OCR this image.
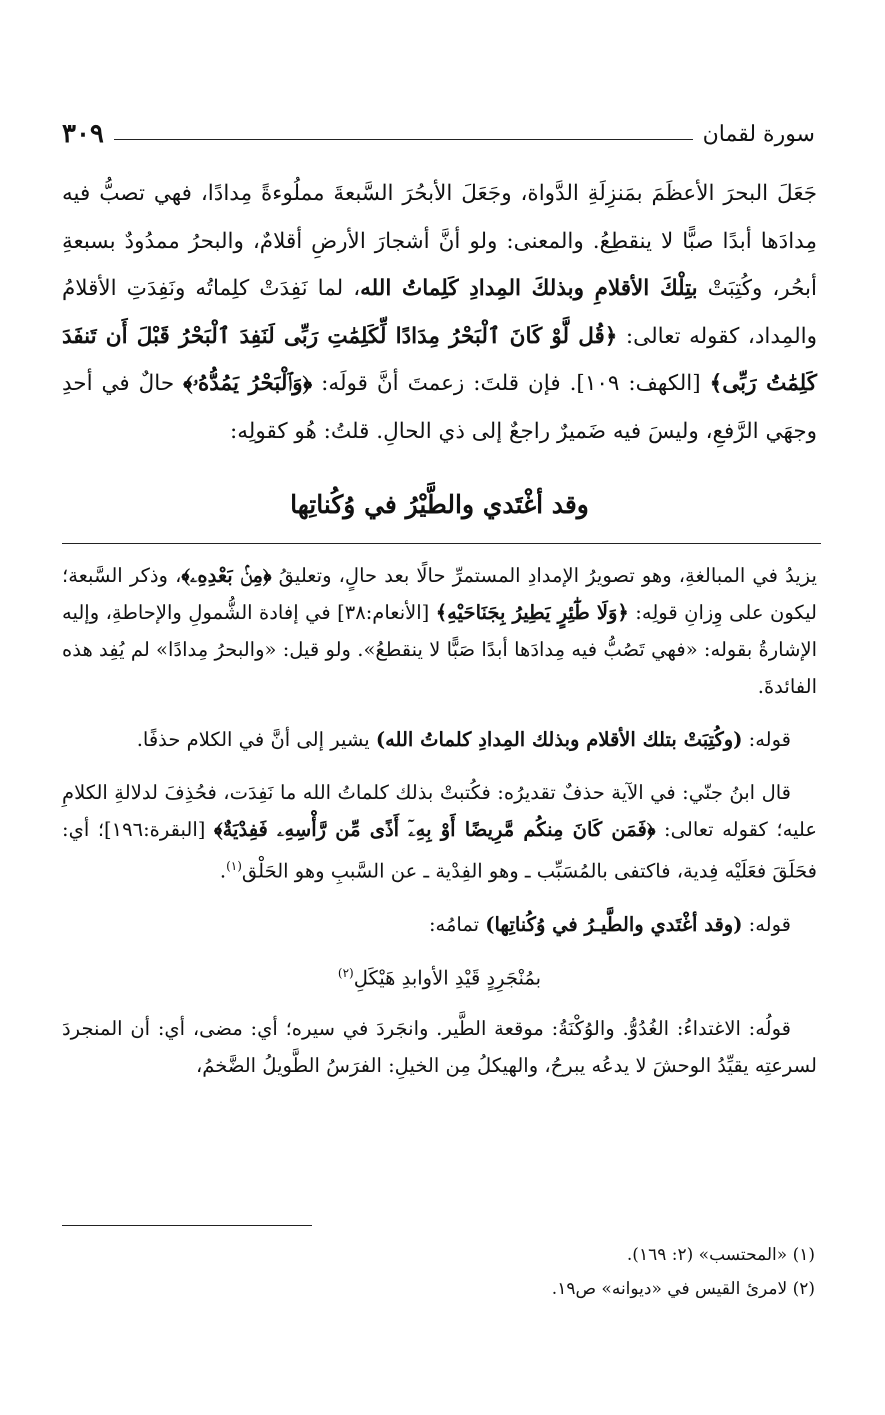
سورة لقمان
٣٠٩

جَعَلَ البحرَ الأعظَمَ بمَنزِلَةِ الدَّواة، وجَعَلَ الأبحُرَ السَّبعةَ مملُوءةً مِدادًا، فهي تصبُّ فيه مِدادَها أبدًا صبًّا لا ينقطِعُ. والمعنى: ولو أنَّ أشجارَ الأرضِ أقلامٌ، والبحرُ ممدُودٌ بسبعةِ أبحُر، وكُتِبَتْ بتِلْكَ الأقلامِ وبذلكَ المِدادِ كَلِماتُ الله، لما نَفِدَتْ كلِماتُه ونَفِدَتِ الأقلامُ والمِداد، كقوله تعالى: ﴿قُل لَّوْ كَانَ ٱلْبَحْرُ مِدَادًا لِّكَلِمَٰتِ رَبِّى لَنَفِدَ ٱلْبَحْرُ قَبْلَ أَن تَنفَدَ كَلِمَٰتُ رَبِّى﴾ [الكهف: ١٠٩]. فإن قلتَ: زعمتَ أنَّ قولَه: ﴿وَٱلْبَحْرُ يَمُدُّهُۥ﴾ حالٌ في أحدِ وجهَي الرَّفعِ، وليسَ فيه ضَميرٌ راجعٌ إلى ذي الحالِ. قلتُ: هُو كقولِه:

وقد أغْتَدي والطَّيْرُ في وُكُناتِها

يزيدُ في المبالغةِ، وهو تصويرُ الإمدادِ المستمرِّ حالًا بعد حالٍ، وتعليقُ ﴿مِنۢ بَعْدِهِۦ﴾، وذكر السَّبعة؛ ليكون على وِزانِ قولِه: ﴿وَلَا طَٰٓئِرٍ يَطِيرُ بِجَنَاحَيْهِ﴾ [الأنعام:٣٨] في إفادة الشُّمولِ والإحاطةِ، وإليه الإشارةُ بقوله: «فهي تَصُبُّ فيه مِدادَها أبدًا صَبًّا لا ينقطعُ». ولو قيل: «والبحرُ مِدادًا» لم يُفِد هذه الفائدةَ.

قوله: (وكُتِبَتْ بتلك الأقلام وبذلك المِدادِ كلماتُ الله) يشير إلى أنَّ في الكلام حذفًا.

قال ابنُ جنّي: في الآية حذفٌ تقديرُه: فكُتبتْ بذلك كلماتُ الله ما نَفِدَت، فحُذِفَ لدلالةِ الكلامِ عليه؛ كقوله تعالى: ﴿فَمَن كَانَ مِنكُم مَّرِيضًا أَوْ بِهِۦٓ أَذًى مِّن رَّأْسِهِۦ فَفِدْيَةٌ﴾ [البقرة:١٩٦]؛ أي: فحَلَقَ فعَلَيْه فِدية، فاكتفى بالمُسَبِّب ـ وهو الفِدْية ـ عن السَّببِ وهو الحَلْق$^{(١)}$.

قوله: (وقد أغْتَدي والطَّيـرُ في وُكُناتِها) تمامُه:

بمُنْجَرِدٍ قَيْدِ الأوابدِ هَيْكَلِ$^{(٢)}$

قولُه: الاغتداءُ: الغُدُوُّ. والوُكْنَةُ: موقعة الطَّير. وانجَردَ في سيره؛ أي: مضى، أي: أن المنجردَ لسرعتِه يقيِّدُ الوحشَ لا يدعُه يبرحُ، والهيكلُ مِن الخيلِ: الفرَسُ الطَّويلُ الضَّخمُ،

(١) «المحتسب» (٢: ١٦٩).

(٢) لامرئ القيس في «ديوانه» ص١٩.
